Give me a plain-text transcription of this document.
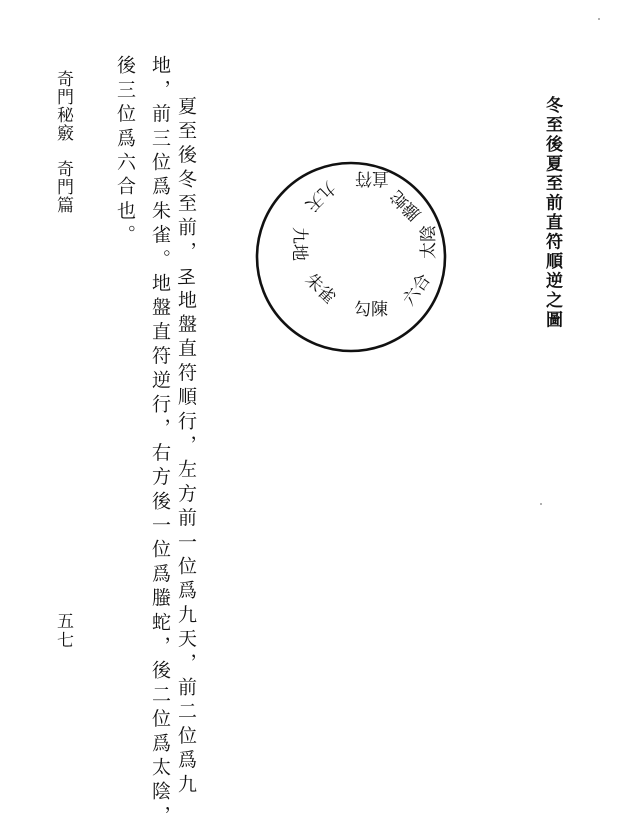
冬至後夏至前直符順逆之圖
直符
螣蛇
太陰
六合
勾陳
朱雀
九地
九天
夏至後冬至前，𢀖地盤直符順行，左方前一位爲九天，前二位爲九
地，前三位爲朱雀。地盤直符逆行，右方後一位爲螣蛇，後二位爲太陰，
後三位爲六合也。
奇門秘竅　奇門篇
五七
